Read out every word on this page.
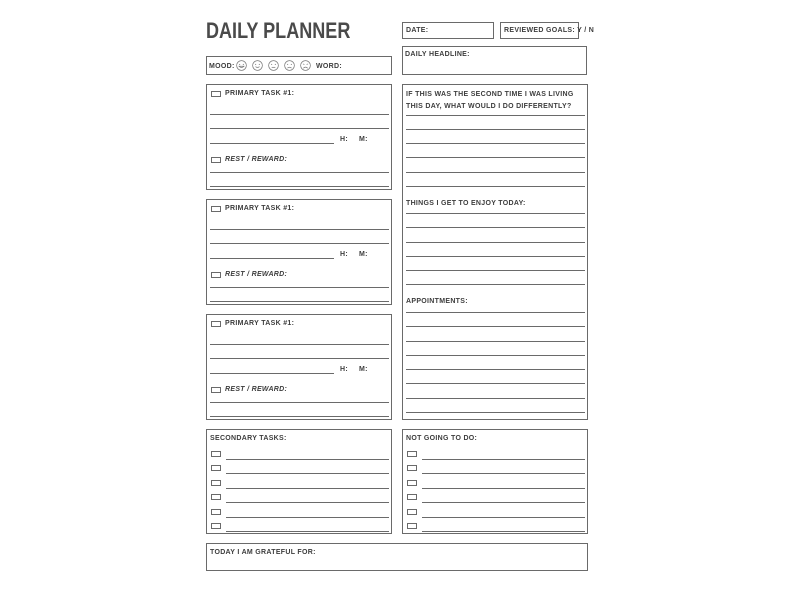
DAILY PLANNER	DATE:	REVIEWED GOALS: Y / N
MOOD:	WORD:
DAILY HEADLINE:
PRIMARY TASK #1:
H: M:
REST / REWARD:
PRIMARY TASK #1:
H: M:
REST / REWARD:
PRIMARY TASK #1:
H: M:
REST / REWARD:
IF THIS WAS THE SECOND TIME I WAS LIVING THIS DAY, WHAT WOULD I DO DIFFERENTLY?
THINGS I GET TO ENJOY TODAY:
APPOINTMENTS:
SECONDARY TASKS:	NOT GOING TO DO:
TODAY I AM GRATEFUL FOR:
